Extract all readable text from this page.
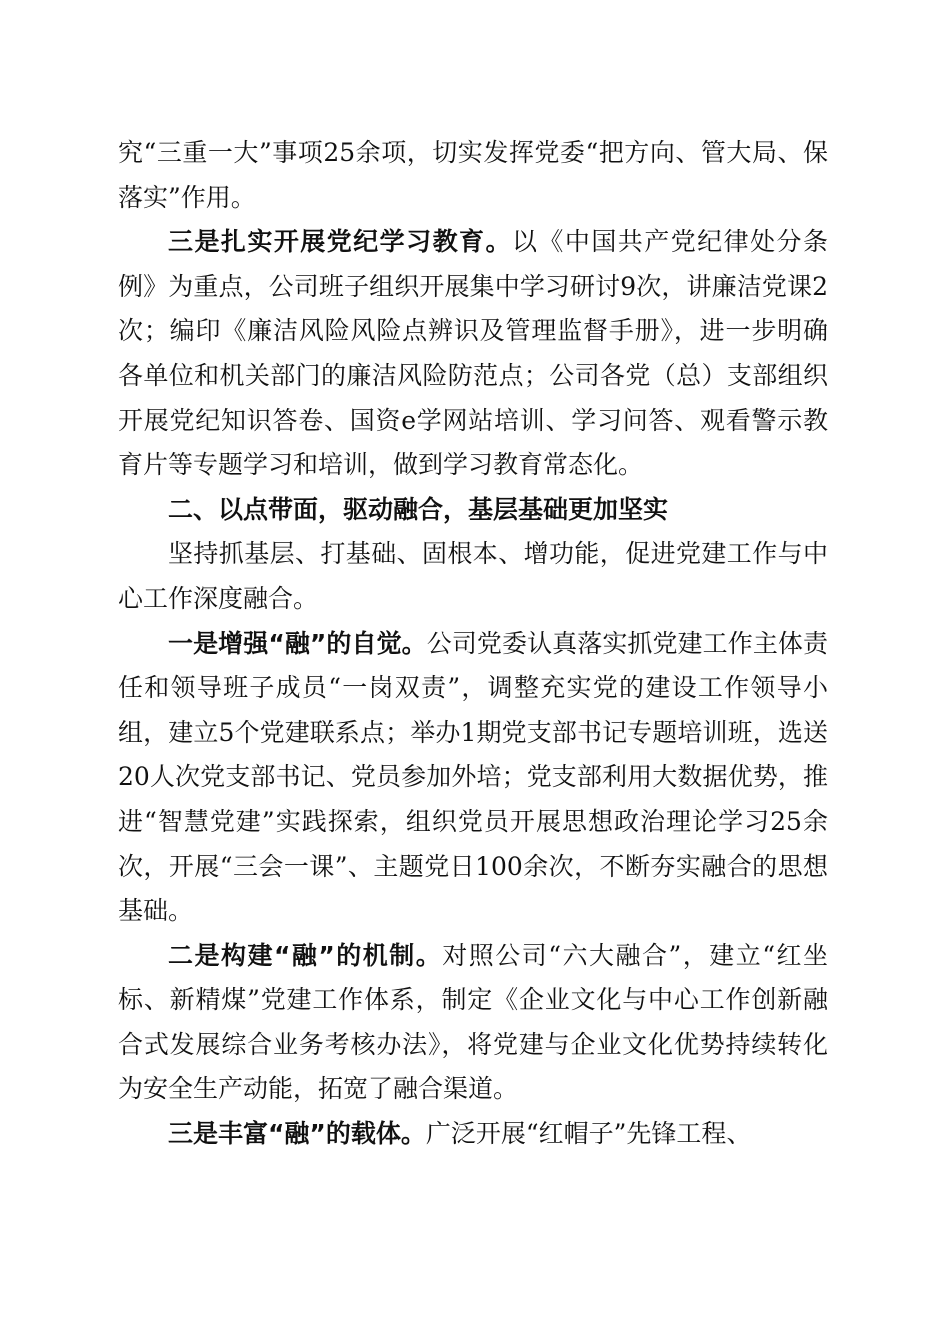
究“三重一大”事项25余项，切实发挥党委“把方向、管大局、保落实”作用。

三是扎实开展党纪学习教育。以《中国共产党纪律处分条例》为重点，公司班子组织开展集中学习研讨9次，讲廉洁党课2次；编印《廉洁风险风险点辨识及管理监督手册》，进一步明确各单位和机关部门的廉洁风险防范点；公司各党（总）支部组织开展党纪知识答卷、国资e学网站培训、学习问答、观看警示教育片等专题学习和培训，做到学习教育常态化。

二、以点带面，驱动融合，基层基础更加坚实

坚持抓基层、打基础、固根本、增功能，促进党建工作与中心工作深度融合。

一是增强“融”的自觉。公司党委认真落实抓党建工作主体责任和领导班子成员“一岗双责”，调整充实党的建设工作领导小组，建立5个党建联系点；举办1期党支部书记专题培训班，选送20人次党支部书记、党员参加外培；党支部利用大数据优势，推进“智慧党建”实践探索，组织党员开展思想政治理论学习25余次，开展“三会一课”、主题党日100余次，不断夯实融合的思想基础。

二是构建“融”的机制。对照公司“六大融合”，建立“红坐标、新精煤”党建工作体系，制定《企业文化与中心工作创新融合式发展综合业务考核办法》，将党建与企业文化优势持续转化为安全生产动能，拓宽了融合渠道。

三是丰富“融”的载体。广泛开展“红帽子”先锋工程、
